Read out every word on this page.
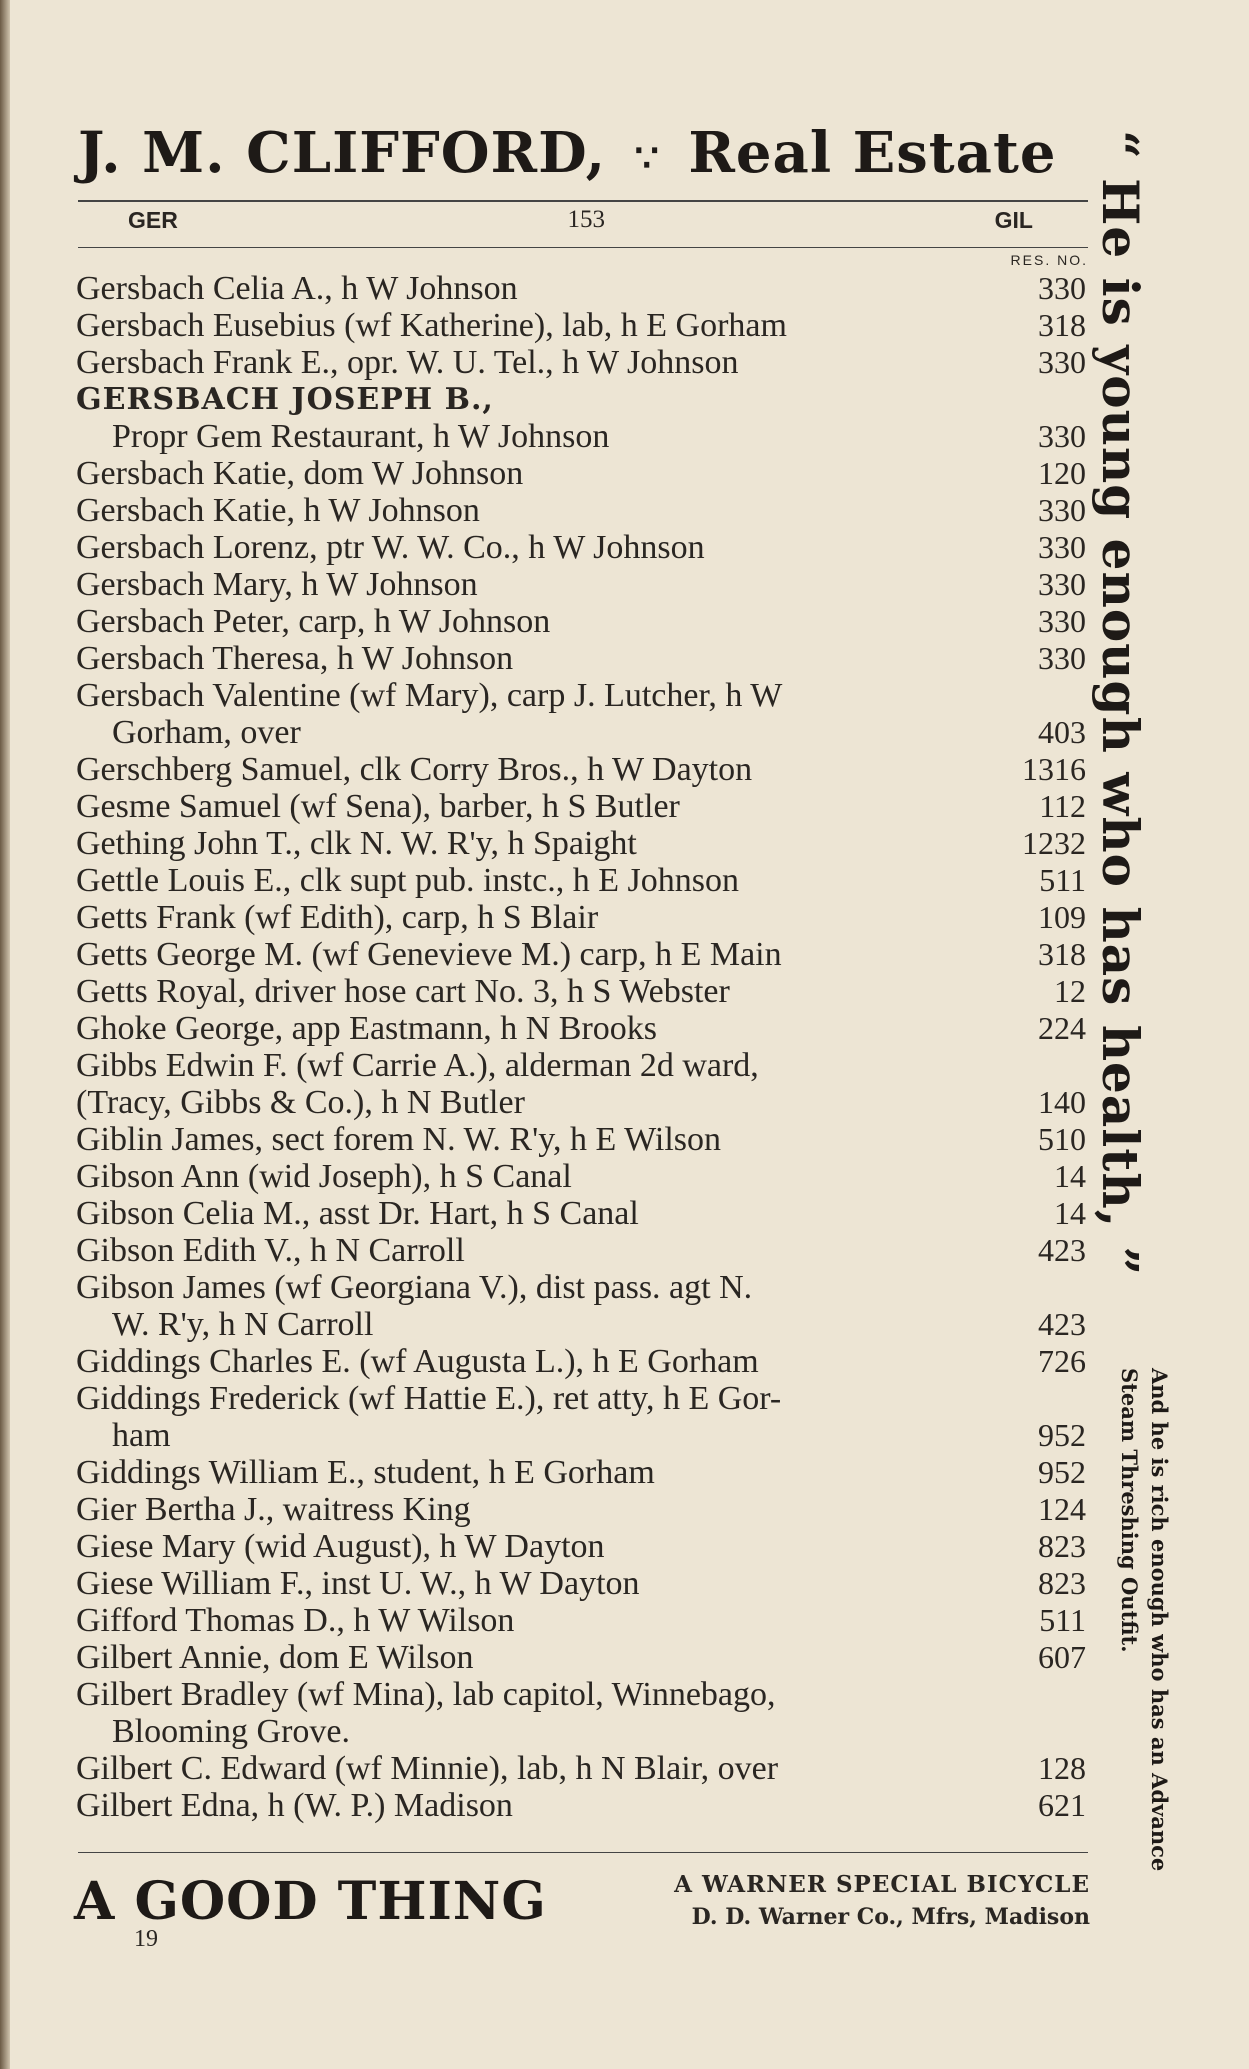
J. M. CLIFFORD, ∵ Real Estate
GER	153	GIL
RES. NO.
Gersbach Celia A., h W Johnson	330
Gersbach Eusebius (wf Katherine), lab, h E Gorham	318
Gersbach Frank E., opr. W. U. Tel., h W Johnson	330
GERSBACH JOSEPH B.,
Propr Gem Restaurant, h W Johnson	330
Gersbach Katie, dom W Johnson	120
Gersbach Katie, h W Johnson	330
Gersbach Lorenz, ptr W. W. Co., h W Johnson	330
Gersbach Mary, h W Johnson	330
Gersbach Peter, carp, h W Johnson	330
Gersbach Theresa, h W Johnson	330
Gersbach Valentine (wf Mary), carp J. Lutcher, h W
Gorham, over	403
Gerschberg Samuel, clk Corry Bros., h W Dayton	1316
Gesme Samuel (wf Sena), barber, h S Butler	112
Gething John T., clk N. W. R'y, h Spaight	1232
Gettle Louis E., clk supt pub. instc., h E Johnson	511
Getts Frank (wf Edith), carp, h S Blair	109
Getts George M. (wf Genevieve M.) carp, h E Main	318
Getts Royal, driver hose cart No. 3, h S Webster	12
Ghoke George, app Eastmann, h N Brooks	224
Gibbs Edwin F. (wf Carrie A.), alderman 2d ward,
(Tracy, Gibbs & Co.), h N Butler	140
Giblin James, sect forem N. W. R'y, h E Wilson	510
Gibson Ann (wid Joseph), h S Canal	14
Gibson Celia M., asst Dr. Hart, h S Canal	14
Gibson Edith V., h N Carroll	423
Gibson James (wf Georgiana V.), dist pass. agt N.
W. R'y, h N Carroll	423
Giddings Charles E. (wf Augusta L.), h E Gorham	726
Giddings Frederick (wf Hattie E.), ret atty, h E Gor-
ham	952
Giddings William E., student, h E Gorham	952
Gier Bertha J., waitress King	124
Giese Mary (wid August), h W Dayton	823
Giese William F., inst U. W., h W Dayton	823
Gifford Thomas D., h W Wilson	511
Gilbert Annie, dom E Wilson	607
Gilbert Bradley (wf Mina), lab capitol, Winnebago,
Blooming Grove.
Gilbert C. Edward (wf Minnie), lab, h N Blair, over	128
Gilbert Edna, h (W. P.) Madison	621
A GOOD THING	A WARNER SPECIAL BICYCLE
D. D. Warner Co., Mfrs, Madison
19
“ He is young enough who has health, ”
And he is rich enough who has an Advance
Steam Threshing Outfit.
